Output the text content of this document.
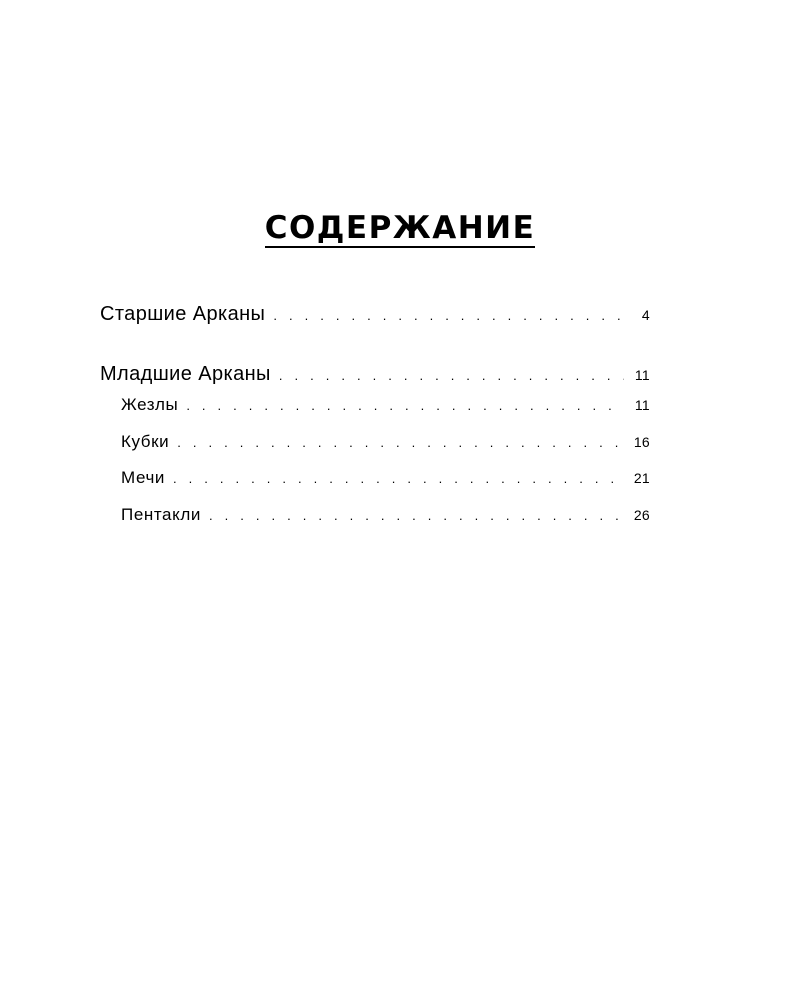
СОДЕРЖАНИЕ
Старшие Арканы . . .	4
Младшие Арканы . . .	11
Жезлы . . .	11
Кубки . . .	16
Мечи . . .	21
Пентакли . . .	26
